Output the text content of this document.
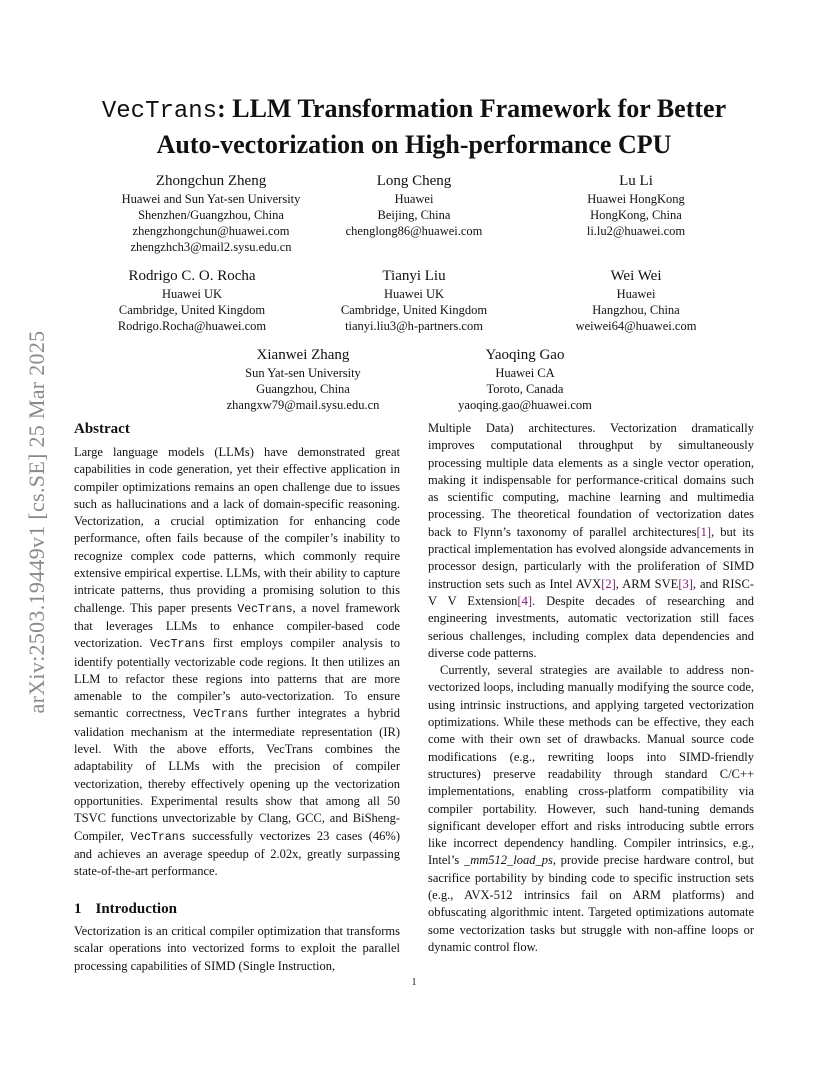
arXiv:2503.19449v1 [cs.SE] 25 Mar 2025
VecTrans: LLM Transformation Framework for Better
Auto-vectorization on High-performance CPU
Zhongchun Zheng
Huawei and Sun Yat-sen University
Shenzhen/Guangzhou, China
zhengzhongchun@huawei.com
zhengzhch3@mail2.sysu.edu.cn
Long Cheng
Huawei
Beijing, China
chenglong86@huawei.com
Lu Li
Huawei HongKong
HongKong, China
li.lu2@huawei.com
Rodrigo C. O. Rocha
Huawei UK
Cambridge, United Kingdom
Rodrigo.Rocha@huawei.com
Tianyi Liu
Huawei UK
Cambridge, United Kingdom
tianyi.liu3@h-partners.com
Wei Wei
Huawei
Hangzhou, China
weiwei64@huawei.com
Xianwei Zhang
Sun Yat-sen University
Guangzhou, China
zhangxw79@mail.sysu.edu.cn
Yaoqing Gao
Huawei CA
Toroto, Canada
yaoqing.gao@huawei.com
Abstract

Large language models (LLMs) have demonstrated great capabilities in code generation, yet their effective application in compiler optimizations remains an open challenge due to issues such as hallucinations and a lack of domain-specific reasoning. Vectorization, a crucial optimization for enhancing code performance, often fails because of the compiler’s inability to recognize complex code patterns, which commonly require extensive empirical expertise. LLMs, with their ability to capture intricate patterns, thus providing a promising solution to this challenge. This paper presents VecTrans, a novel framework that leverages LLMs to enhance compiler-based code vectorization. VecTrans first employs compiler analysis to identify potentially vectorizable code regions. It then utilizes an LLM to refactor these regions into patterns that are more amenable to the compiler’s auto-vectorization. To ensure semantic correctness, VecTrans further integrates a hybrid validation mechanism at the intermediate representation (IR) level. With the above efforts, VecTrans combines the adaptability of LLMs with the precision of compiler vectorization, thereby effectively opening up the vectorization opportunities. Experimental results show that among all 50 TSVC functions unvectorizable by Clang, GCC, and BiSheng-Compiler, VecTrans successfully vectorizes 23 cases (46%) and achieves an average speedup of 2.02x, greatly surpassing state-of-the-art performance.

1 Introduction

Vectorization is an critical compiler optimization that transforms scalar operations into vectorized forms to exploit the parallel processing capabilities of SIMD (Single Instruction,

Multiple Data) architectures. Vectorization dramatically improves computational throughput by simultaneously processing multiple data elements as a single vector operation, making it indispensable for performance-critical domains such as scientific computing, machine learning and multimedia processing. The theoretical foundation of vectorization dates back to Flynn’s taxonomy of parallel architectures[1], but its practical implementation has evolved alongside advancements in processor design, particularly with the proliferation of SIMD instruction sets such as Intel AVX[2], ARM SVE[3], and RISC-V V Extension[4]. Despite decades of researching and engineering investments, automatic vectorization still faces serious challenges, including complex data dependencies and diverse code patterns.

Currently, several strategies are available to address non-vectorized loops, including manually modifying the source code, using intrinsic instructions, and applying targeted vectorization optimizations. While these methods can be effective, they each come with their own set of drawbacks. Manual source code modifications (e.g., rewriting loops into SIMD-friendly structures) preserve readability through standard C/C++ implementations, enabling cross-platform compatibility via compiler portability. However, such hand-tuning demands significant developer effort and risks introducing subtle errors like incorrect dependency handling. Compiler intrinsics, e.g., Intel’s _mm512_load_ps, provide precise hardware control, but sacrifice portability by binding code to specific instruction sets (e.g., AVX-512 intrinsics fail on ARM platforms) and obfuscating algorithmic intent. Targeted optimizations automate some vectorization tasks but struggle with non-affine loops or dynamic control flow.

1
